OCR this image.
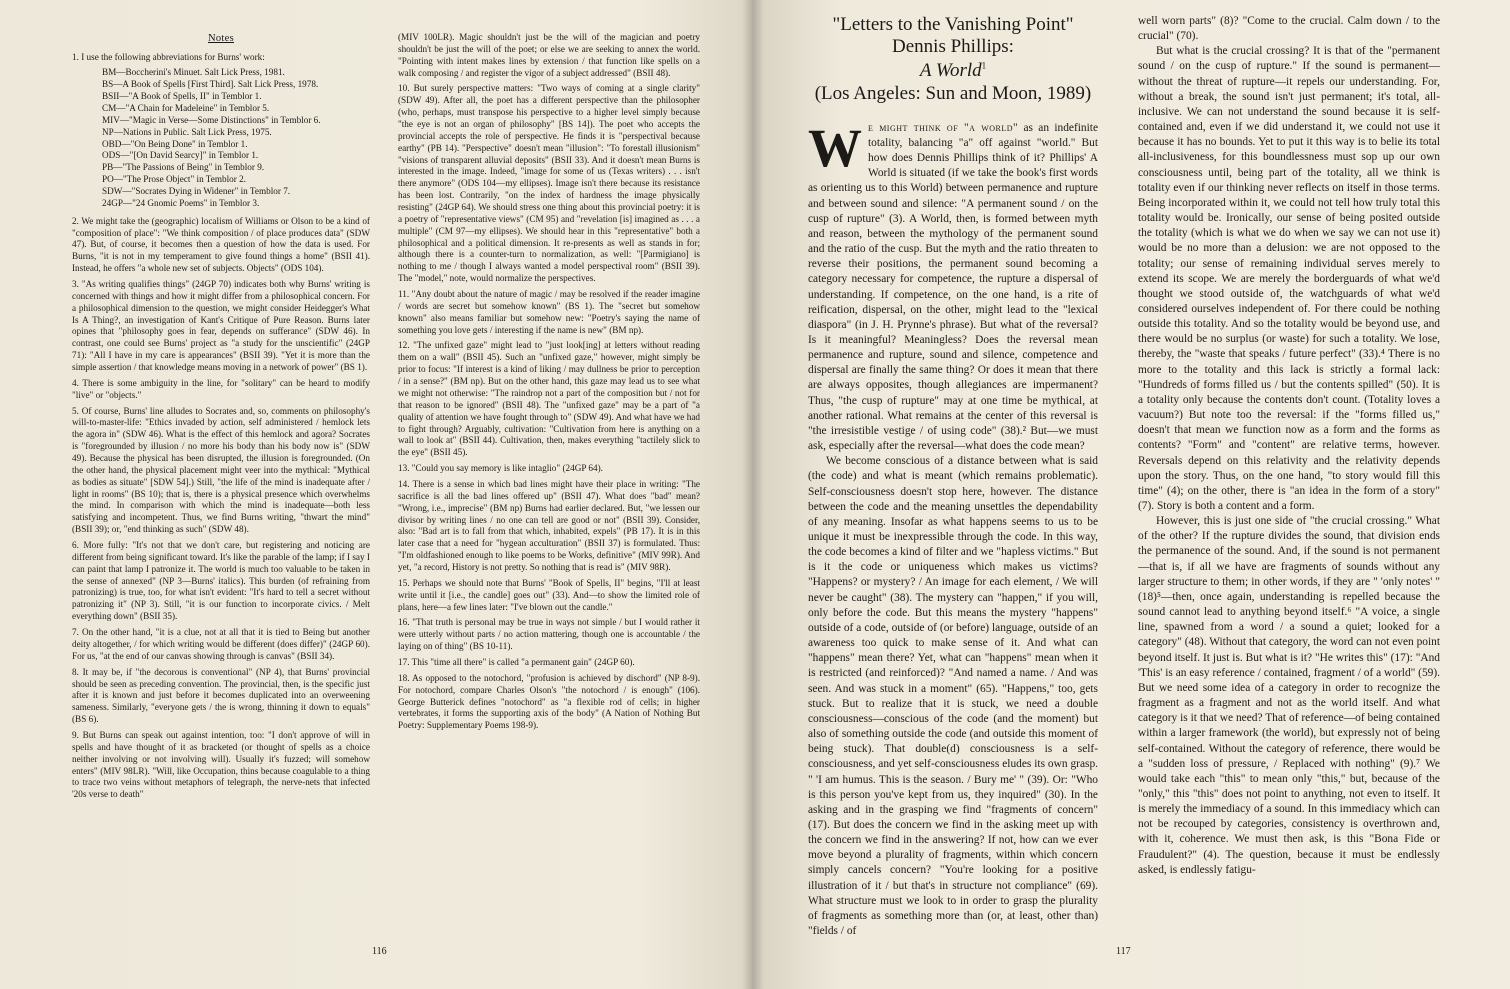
Notes

1. I use the following abbreviations for Burns' work:

BM—Boccherini's Minuet. Salt Lick Press, 1981.
BS—A Book of Spells [First Third]. Salt Lick Press, 1978.
BSII—"A Book of Spells, II" in Temblor 1.
CM—"A Chain for Madeleine" in Temblor 5.
MIV—"Magic in Verse—Some Distinctions" in Temblor 6.
NP—Nations in Public. Salt Lick Press, 1975.
OBD—"On Being Done" in Temblor 1.
ODS—"[On David Searcy]" in Temblor 1.
PB—"The Passions of Being" in Temblor 9.
PO—"The Prose Object" in Temblor 2.
SDW—"Socrates Dying in Widener" in Temblor 7.
24GP—"24 Gnomic Poems" in Temblor 3.

2. We might take the (geographic) localism of Williams or Olson to be a kind of "composition of place": "We think composition / of place produces data" (SDW 47). But, of course, it becomes then a question of how the data is used. For Burns, "it is not in my temperament to give found things a home" (BSII 41). Instead, he offers "a whole new set of subjects. Objects" (ODS 104).

3. "As writing qualifies things" (24GP 70) indicates both why Burns' writing is concerned with things and how it might differ from a philosophical concern. For a philosophical dimension to the question, we might consider Heidegger's What Is A Thing?, an investigation of Kant's Critique of Pure Reason. Burns later opines that "philosophy goes in fear, depends on sufferance" (SDW 46). In contrast, one could see Burns' project as "a study for the unscientific" (24GP 71): "All I have in my care is appearances" (BSII 39). "Yet it is more than the simple assertion / that knowledge means moving in a network of power" (BS 1).

4. There is some ambiguity in the line, for "solitary" can be heard to modify "live" or "objects."

5. Of course, Burns' line alludes to Socrates and, so, comments on philosophy's will-to-master-life: "Ethics invaded by action, self administered / hemlock lets the agora in" (SDW 46). What is the effect of this hemlock and agora? Socrates is "foregrounded by illusion / no more his body than his body now is" (SDW 49). Because the physical has been disrupted, the illusion is foregrounded. (On the other hand, the physical placement might veer into the mythical: "Mythical as bodies as situate" [SDW 54].) Still, "the life of the mind is inadequate after / light in rooms" (BS 10); that is, there is a physical presence which overwhelms the mind. In comparison with which the mind is inadequate—both less satisfying and incompetent. Thus, we find Burns writing, "thwart the mind" (BSII 39); or, "end thinking as such" (SDW 48).

6. More fully: "It's not that we don't care, but registering and noticing are different from being significant toward. It's like the parable of the lamp; if I say I can paint that lamp I patronize it. The world is much too valuable to be taken in the sense of annexed" (NP 3—Burns' italics). This burden (of refraining from patronizing) is true, too, for what isn't evident: "It's hard to tell a secret without patronizing it" (NP 3). Still, "it is our function to incorporate civics. / Melt everything down" (BSII 35).

7. On the other hand, "it is a clue, not at all that it is tied to Being but another deity altogether, / for which writing would be different (does differ)" (24GP 60). For us, "at the end of our canvas showing through is canvas" (BSII 34).

8. It may be, if "the decorous is conventional" (NP 4), that Burns' provincial should be seen as preceding convention. The provincial, then, is the specific just after it is known and just before it becomes duplicated into an overweening sameness. Similarly, "everyone gets / the is wrong, thinning it down to equals" (BS 6).

9. But Burns can speak out against intention, too: "I don't approve of will in spells and have thought of it as bracketed (or thought of spells as a choice neither involving or not involving will). Usually it's fuzzed; will somehow enters" (MIV 98LR). "Will, like Occupation, thins because coagulable to a thing to trace two veins without metaphors of telegraph, the nerve-nets that infected '20s verse to death"

(MIV 100LR). Magic shouldn't just be the will of the magician and poetry shouldn't be just the will of the poet; or else we are seeking to annex the world. "Pointing with intent makes lines by extension / that function like spells on a walk composing / and register the vigor of a subject addressed" (BSII 48).

10. But surely perspective matters: "Two ways of coming at a single clarity" (SDW 49). After all, the poet has a different perspective than the philosopher (who, perhaps, must transpose his perspective to a higher level simply because "the eye is not an organ of philosophy" [BS 14]). The poet who accepts the provincial accepts the role of perspective. He finds it is "perspectival because earthy" (PB 14). "Perspective" doesn't mean "illusion": "To forestall illusionism" "visions of transparent alluvial deposits" (BSII 33). And it doesn't mean Burns is interested in the image. Indeed, "image for some of us (Texas writers) . . . isn't there anymore" (ODS 104—my ellipses). Image isn't there because its resistance has been lost. Contrarily, "on the index of hardness the image physically resisting" (24GP 64). We should stress one thing about this provincial poetry: it is a poetry of "representative views" (CM 95) and "revelation [is] imagined as . . . a multiple" (CM 97—my ellipses). We should hear in this "representative" both a philosophical and a political dimension. It re-presents as well as stands in for; although there is a counter-turn to normalization, as well: "[Parmigiano] is nothing to me / though I always wanted a model perspectival room" (BSII 39). The "model," note, would normalize the perspectives.

11. "Any doubt about the nature of magic / may be resolved if the reader imagine / words are secret but somehow known" (BS 1). The "secret but somehow known" also means familiar but somehow new: "Poetry's saying the name of something you love gets / interesting if the name is new" (BM np).

12. "The unfixed gaze" might lead to "just look[ing] at letters without reading them on a wall" (BSII 45). Such an "unfixed gaze," however, might simply be prior to focus: "If interest is a kind of liking / may dullness be prior to perception / in a sense?" (BM np). But on the other hand, this gaze may lead us to see what we might not otherwise: "The raindrop not a part of the composition but / not for that reason to be ignored" (BSII 48). The "unfixed gaze" may be a part of "a quality of attention we have fought through to" (SDW 49). And what have we had to fight through? Arguably, cultivation: "Cultivation from here is anything on a wall to look at" (BSII 44). Cultivation, then, makes everything "tactilely slick to the eye" (BSII 45).

13. "Could you say memory is like intaglio" (24GP 64).

14. There is a sense in which bad lines might have their place in writing: "The sacrifice is all the bad lines offered up" (BSII 47). What does "bad" mean? "Wrong, i.e., imprecise" (BM np) Burns had earlier declared. But, "we lessen our divisor by writing lines / no one can tell are good or not" (BSII 39). Consider, also: "Bad art is to fall from that which, inhabited, expels" (PB 17). It is in this later case that a need for "hygean acculturation" (BSII 37) is formulated. Thus: "I'm oldfashioned enough to like poems to be Works, definitive" (MIV 99R). And yet, "a record, History is not pretty. So nothing that is read is" (MIV 98R).

15. Perhaps we should note that Burns' "Book of Spells, II" begins, "I'll at least write until it [i.e., the candle] goes out" (33). And—to show the limited role of plans, here—a few lines later: "I've blown out the candle."

16. "That truth is personal may be true in ways not simple / but I would rather it were utterly without parts / no action mattering, though one is accountable / the laying on of thing" (BS 10-11).

17. This "time all there" is called "a permanent gain" (24GP 60).

18. As opposed to the notochord, "profusion is achieved by dischord" (NP 8-9). For notochord, compare Charles Olson's "the notochord / is enough" (106). George Butterick defines "notochord" as "a flexible rod of cells; in higher vertebrates, it forms the supporting axis of the body" (A Nation of Nothing But Poetry: Supplementary Poems 198-9).

116
"Letters to the Vanishing Point"
Dennis Phillips:
A World$^1$
(Los Angeles: Sun and Moon, 1989)

We might think of "a world" as an indefinite totality, balancing "a" off against "world." But how does Dennis Phillips think of it? Phillips' A World is situated (if we take the book's first words as orienting us to this World) between permanence and rupture and between sound and silence: "A permanent sound / on the cusp of rupture" (3). A World, then, is formed between myth and reason, between the mythology of the permanent sound and the ratio of the cusp. But the myth and the ratio threaten to reverse their positions, the permanent sound becoming a category necessary for competence, the rupture a dispersal of understanding. If competence, on the one hand, is a rite of reification, dispersal, on the other, might lead to the "lexical diaspora" (in J. H. Prynne's phrase). But what of the reversal? Is it meaningful? Meaningless? Does the reversal mean permanence and rupture, sound and silence, competence and dispersal are finally the same thing? Or does it mean that there are always opposites, though allegiances are impermanent? Thus, "the cusp of rupture" may at one time be mythical, at another rational. What remains at the center of this reversal is "the irresistible vestige / of using code" (38).² But—we must ask, especially after the reversal—what does the code mean?

We become conscious of a distance between what is said (the code) and what is meant (which remains problematic). Self-consciousness doesn't stop here, however. The distance between the code and the meaning unsettles the dependability of any meaning. Insofar as what happens seems to us to be unique it must be inexpressible through the code. In this way, the code becomes a kind of filter and we "hapless victims." But is it the code or uniqueness which makes us victims? "Happens? or mystery? / An image for each element, / We will never be caught" (38). The mystery can "happen," if you will, only before the code. But this means the mystery "happens" outside of a code, outside of (or before) language, outside of an awareness too quick to make sense of it. And what can "happens" mean there? Yet, what can "happens" mean when it is restricted (and reinforced)? "And named a name. / And was seen. And was stuck in a moment" (65). "Happens," too, gets stuck. But to realize that it is stuck, we need a double consciousness—conscious of the code (and the moment) but also of something outside the code (and outside this moment of being stuck). That double(d) consciousness is a self-consciousness, and yet self-consciousness eludes its own grasp. " 'I am humus. This is the season. / Bury me' " (39). Or: "Who is this person you've kept from us, they inquired" (30). In the asking and in the grasping we find "fragments of concern" (17). But does the concern we find in the asking meet up with the concern we find in the answering? If not, how can we ever move beyond a plurality of fragments, within which concern simply cancels concern? "You're looking for a positive illustration of it / but that's in structure not compliance" (69). What structure must we look to in order to grasp the plurality of fragments as something more than (or, at least, other than) "fields / of

well worn parts" (8)? "Come to the crucial. Calm down / to the crucial" (70).

But what is the crucial crossing? It is that of the "permanent sound / on the cusp of rupture." If the sound is permanent—without the threat of rupture—it repels our understanding. For, without a break, the sound isn't just permanent; it's total, all-inclusive. We can not understand the sound because it is self-contained and, even if we did understand it, we could not use it because it has no bounds. Yet to put it this way is to belie its total all-inclusiveness, for this boundlessness must sop up our own consciousness until, being part of the totality, all we think is totality even if our thinking never reflects on itself in those terms. Being incorporated within it, we could not tell how truly total this totality would be. Ironically, our sense of being posited outside the totality (which is what we do when we say we can not use it) would be no more than a delusion: we are not opposed to the totality; our sense of remaining individual serves merely to extend its scope. We are merely the borderguards of what we'd thought we stood outside of, the watchguards of what we'd considered ourselves independent of. For there could be nothing outside this totality. And so the totality would be beyond use, and there would be no surplus (or waste) for such a totality. We lose, thereby, the "waste that speaks / future perfect" (33).⁴ There is no more to the totality and this lack is strictly a formal lack: "Hundreds of forms filled us / but the contents spilled" (50). It is a totality only because the contents don't count. (Totality loves a vacuum?) But note too the reversal: if the "forms filled us," doesn't that mean we function now as a form and the forms as contents? "Form" and "content" are relative terms, however. Reversals depend on this relativity and the relativity depends upon the story. Thus, on the one hand, "to story would fill this time" (4); on the other, there is "an idea in the form of a story" (7). Story is both a content and a form.

However, this is just one side of "the crucial crossing." What of the other? If the rupture divides the sound, that division ends the permanence of the sound. And, if the sound is not permanent—that is, if all we have are fragments of sounds without any larger structure to them; in other words, if they are " 'only notes' " (18)⁵—then, once again, understanding is repelled because the sound cannot lead to anything beyond itself.⁶ "A voice, a single line, spawned from a word / a sound a quiet; looked for a category" (48). Without that category, the word can not even point beyond itself. It just is. But what is it? "He writes this" (17): "And 'This' is an easy reference / contained, fragment / of a world" (59). But we need some idea of a category in order to recognize the fragment as a fragment and not as the world itself. And what category is it that we need? That of reference—of being contained within a larger framework (the world), but expressly not of being self-contained. Without the category of reference, there would be a "sudden loss of pressure, / Replaced with nothing" (9).⁷ We would take each "this" to mean only "this," but, because of the "only," this "this" does not point to anything, not even to itself. It is merely the immediacy of a sound. In this immediacy which can not be recouped by categories, consistency is overthrown and, with it, coherence. We must then ask, is this "Bona Fide or Fraudulent?" (4). The question, because it must be endlessly asked, is endlessly fatigu-

117
